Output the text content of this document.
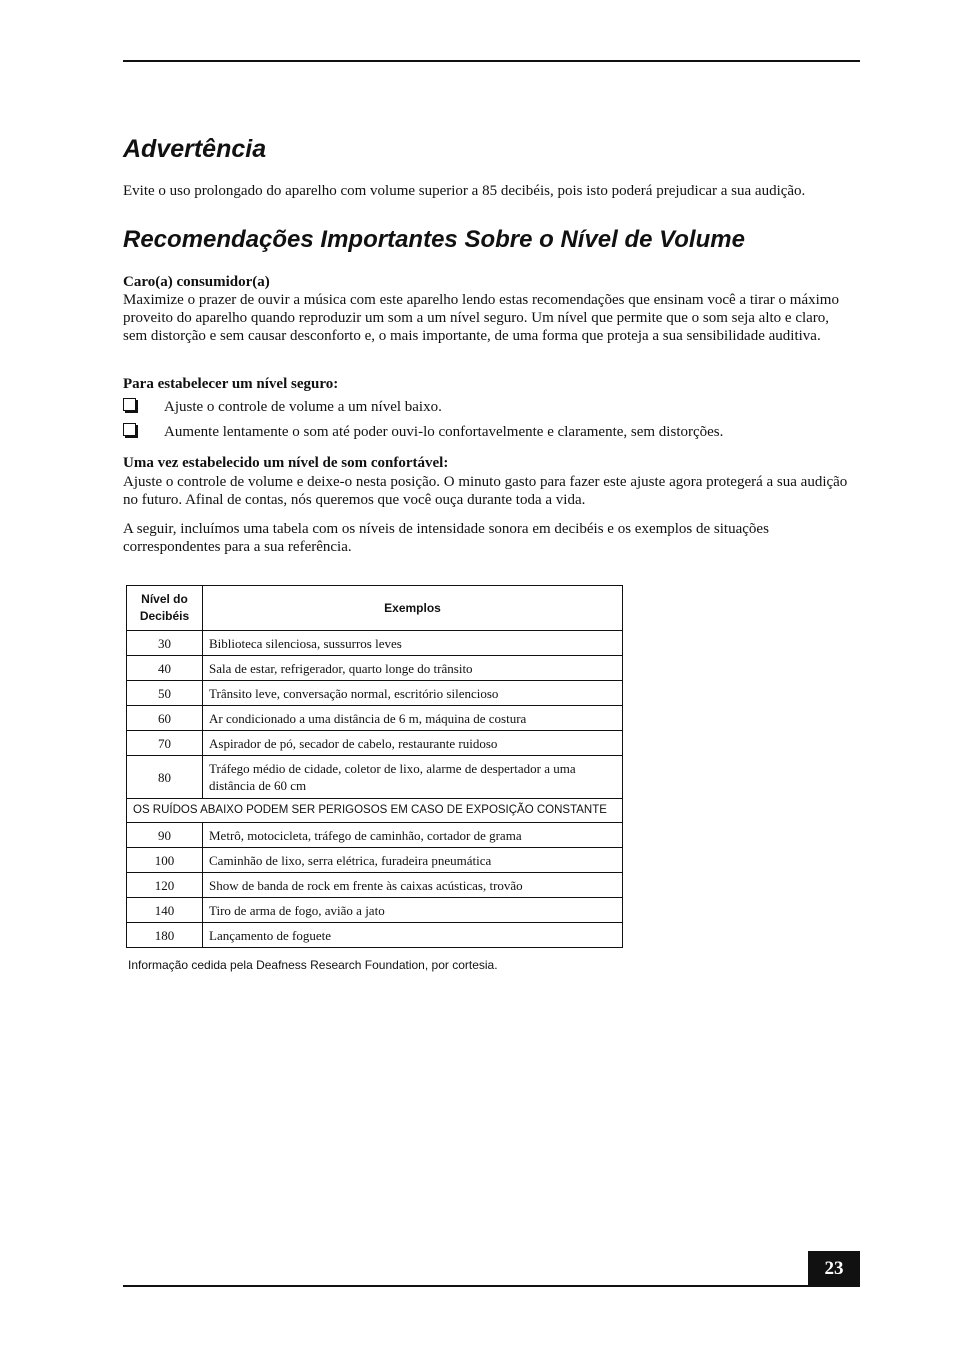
Advertência

Evite o uso prolongado do aparelho com volume superior a 85 decibéis, pois isto poderá prejudicar a sua audição.

Recomendações Importantes Sobre o Nível de Volume

Caro(a) consumidor(a)

Maximize o prazer de ouvir a música com este aparelho lendo estas recomendações que ensinam você a tirar o máximo proveito do aparelho quando reproduzir um som a um nível seguro. Um nível que permite que o som seja alto e claro, sem distorção e sem causar desconforto e, o mais importante, de uma forma que proteja a sua sensibilidade auditiva.

Para estabelecer um nível seguro:

Ajuste o controle de volume a um nível baixo.
Aumente lentamente o som até poder ouvi-lo confortavelmente e claramente, sem distorções.

Uma vez estabelecido um nível de som confortável:

Ajuste o controle de volume e deixe-o nesta posição. O minuto gasto para fazer este ajuste agora protegerá a sua audição no futuro. Afinal de contas, nós queremos que você ouça durante toda a vida.

A seguir, incluímos uma tabela com os níveis de intensidade sonora em decibéis e os exemplos de situações correspondentes para a sua referência.

Nível do
Decibéis	Exemplos
30	Biblioteca silenciosa, sussurros leves
40	Sala de estar, refrigerador, quarto longe do trânsito
50	Trânsito leve, conversação normal, escritório silencioso
60	Ar condicionado a uma distância de 6 m, máquina de costura
70	Aspirador de pó, secador de cabelo, restaurante ruidoso
80	Tráfego médio de cidade, coletor de lixo, alarme de despertador a uma distância de 60 cm
OS RUÍDOS ABAIXO PODEM SER PERIGOSOS EM CASO DE EXPOSIÇÃO CONSTANTE	
90	Metrô, motocicleta, tráfego de caminhão, cortador de grama
100	Caminhão de lixo, serra elétrica, furadeira pneumática
120	Show de banda de rock em frente às caixas acústicas, trovão
140	Tiro de arma de fogo, avião a jato
180	Lançamento de foguete
Informação cedida pela Deafness Research Foundation, por cortesia.
23
